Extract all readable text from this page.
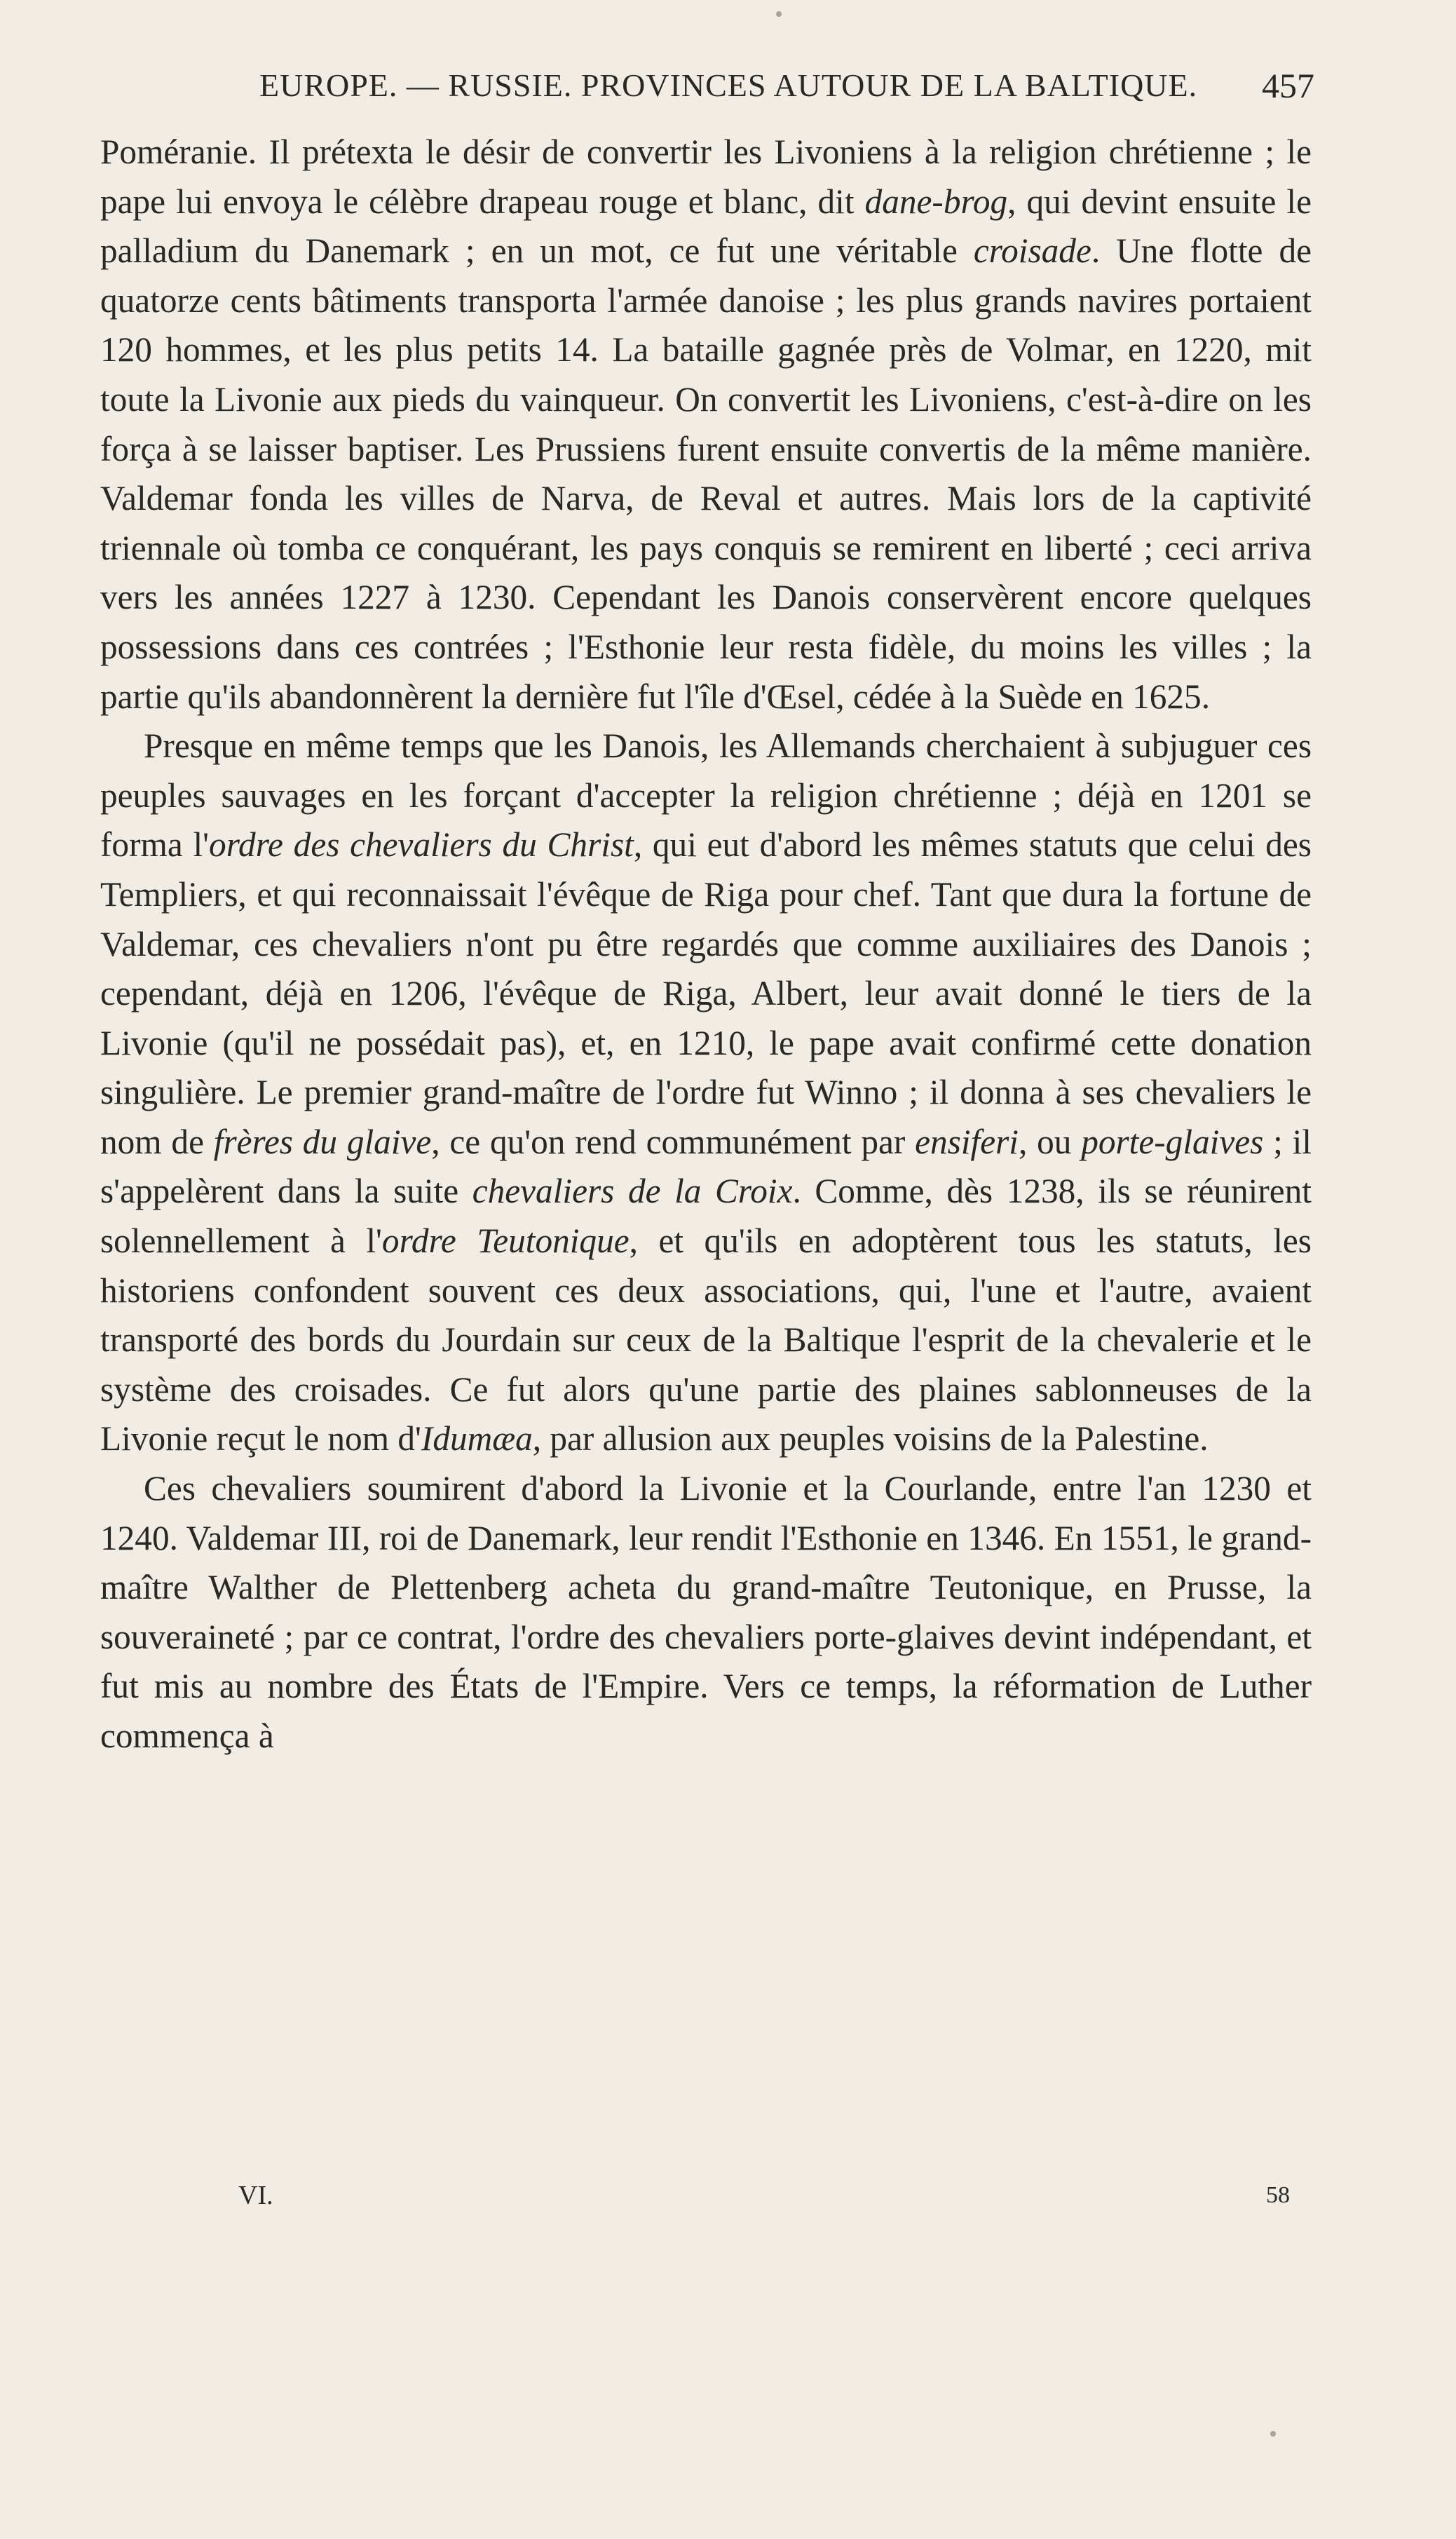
EUROPE. — RUSSIE. PROVINCES AUTOUR DE LA BALTIQUE. 457

Poméranie. Il prétexta le désir de convertir les Livoniens à la religion chrétienne ; le pape lui envoya le célèbre drapeau rouge et blanc, dit dane-brog, qui devint ensuite le palladium du Danemark ; en un mot, ce fut une véritable croisade. Une flotte de quatorze cents bâtiments transporta l'armée danoise ; les plus grands navires portaient 120 hommes, et les plus petits 14. La bataille gagnée près de Volmar, en 1220, mit toute la Livonie aux pieds du vainqueur. On convertit les Livoniens, c'est-à-dire on les força à se laisser baptiser. Les Prussiens furent ensuite convertis de la même manière. Valdemar fonda les villes de Narva, de Reval et autres. Mais lors de la captivité triennale où tomba ce conquérant, les pays conquis se remirent en liberté ; ceci arriva vers les années 1227 à 1230. Cependant les Danois conservèrent encore quelques possessions dans ces contrées ; l'Esthonie leur resta fidèle, du moins les villes ; la partie qu'ils abandonnèrent la dernière fut l'île d'Œsel, cédée à la Suède en 1625.

Presque en même temps que les Danois, les Allemands cherchaient à subjuguer ces peuples sauvages en les forçant d'accepter la religion chrétienne ; déjà en 1201 se forma l'ordre des chevaliers du Christ, qui eut d'abord les mêmes statuts que celui des Templiers, et qui reconnaissait l'évêque de Riga pour chef. Tant que dura la fortune de Valdemar, ces chevaliers n'ont pu être regardés que comme auxiliaires des Danois ; cependant, déjà en 1206, l'évêque de Riga, Albert, leur avait donné le tiers de la Livonie (qu'il ne possédait pas), et, en 1210, le pape avait confirmé cette donation singulière. Le premier grand-maître de l'ordre fut Winno ; il donna à ses chevaliers le nom de frères du glaive, ce qu'on rend communément par ensiferi, ou porte-glaives ; il s'appelèrent dans la suite chevaliers de la Croix. Comme, dès 1238, ils se réunirent solennellement à l'ordre Teutonique, et qu'ils en adoptèrent tous les statuts, les historiens confondent souvent ces deux associations, qui, l'une et l'autre, avaient transporté des bords du Jourdain sur ceux de la Baltique l'esprit de la chevalerie et le système des croisades. Ce fut alors qu'une partie des plaines sablonneuses de la Livonie reçut le nom d'Idumæa, par allusion aux peuples voisins de la Palestine.

Ces chevaliers soumirent d'abord la Livonie et la Courlande, entre l'an 1230 et 1240. Valdemar III, roi de Danemark, leur rendit l'Esthonie en 1346. En 1551, le grand-maître Walther de Plettenberg acheta du grand-maître Teutonique, en Prusse, la souveraineté ; par ce contrat, l'ordre des chevaliers porte-glaives devint indépendant, et fut mis au nombre des États de l'Empire. Vers ce temps, la réformation de Luther commença à

VI.	58
